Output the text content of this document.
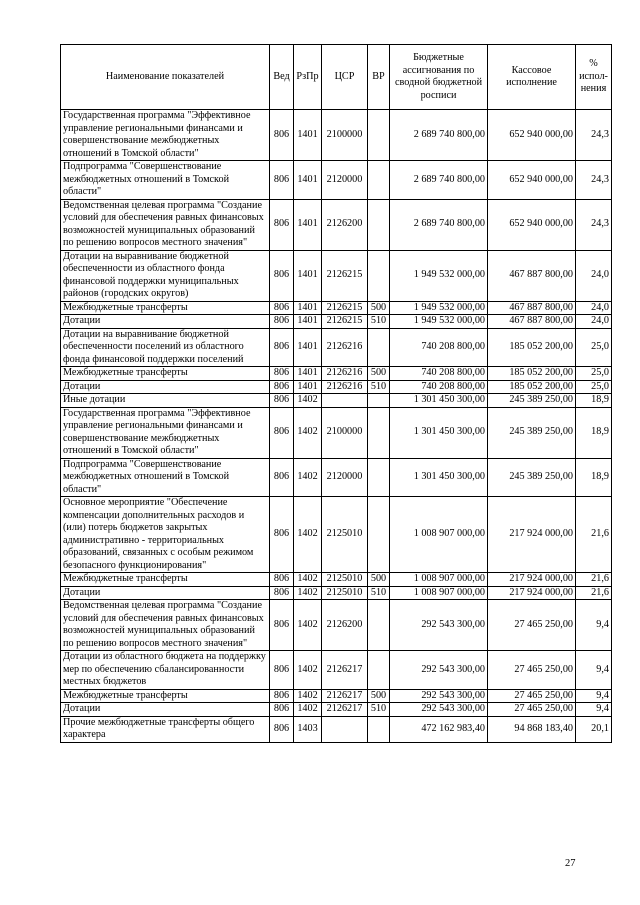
Наименование показателей	Вед	РзПр	ЦСР	ВР	Бюджетные ассигнования по сводной бюджетной росписи	Кассовое исполнение	% испол-нения
Государственная программа "Эффективное управление региональными финансами и совершенствование межбюджетных отношений в Томской области"	806	1401	2100000		2 689 740 800,00	652 940 000,00	24,3
Подпрограмма "Совершенствование межбюджетных отношений в Томской области"	806	1401	2120000		2 689 740 800,00	652 940 000,00	24,3
Ведомственная целевая программа "Создание условий для обеспечения равных финансовых возможностей муниципальных образований по решению вопросов местного значения"	806	1401	2126200		2 689 740 800,00	652 940 000,00	24,3
Дотации на выравнивание бюджетной обеспеченности из областного фонда финансовой поддержки муниципальных районов (городских округов)	806	1401	2126215		1 949 532 000,00	467 887 800,00	24,0
Межбюджетные трансферты	806	1401	2126215	500	1 949 532 000,00	467 887 800,00	24,0
Дотации	806	1401	2126215	510	1 949 532 000,00	467 887 800,00	24,0
Дотации на выравнивание бюджетной обеспеченности поселений из областного фонда финансовой поддержки поселений	806	1401	2126216		740 208 800,00	185 052 200,00	25,0
Межбюджетные трансферты	806	1401	2126216	500	740 208 800,00	185 052 200,00	25,0
Дотации	806	1401	2126216	510	740 208 800,00	185 052 200,00	25,0
Иные дотации	806	1402			1 301 450 300,00	245 389 250,00	18,9
Государственная программа "Эффективное управление региональными финансами и совершенствование межбюджетных отношений в Томской области"	806	1402	2100000		1 301 450 300,00	245 389 250,00	18,9
Подпрограмма "Совершенствование межбюджетных отношений в Томской области"	806	1402	2120000		1 301 450 300,00	245 389 250,00	18,9
Основное мероприятие "Обеспечение компенсации дополнительных расходов и (или) потерь бюджетов закрытых административно - территориальных образований, связанных с особым режимом безопасного функционирования"	806	1402	2125010		1 008 907 000,00	217 924 000,00	21,6
Межбюджетные трансферты	806	1402	2125010	500	1 008 907 000,00	217 924 000,00	21,6
Дотации	806	1402	2125010	510	1 008 907 000,00	217 924 000,00	21,6
Ведомственная целевая программа "Создание условий для обеспечения равных финансовых возможностей муниципальных образований по решению вопросов местного значения"	806	1402	2126200		292 543 300,00	27 465 250,00	9,4
Дотации из областного бюджета на поддержку мер по обеспечению сбалансированности местных бюджетов	806	1402	2126217		292 543 300,00	27 465 250,00	9,4
Межбюджетные трансферты	806	1402	2126217	500	292 543 300,00	27 465 250,00	9,4
Дотации	806	1402	2126217	510	292 543 300,00	27 465 250,00	9,4
Прочие межбюджетные трансферты общего характера	806	1403			472 162 983,40	94 868 183,40	20,1
27
